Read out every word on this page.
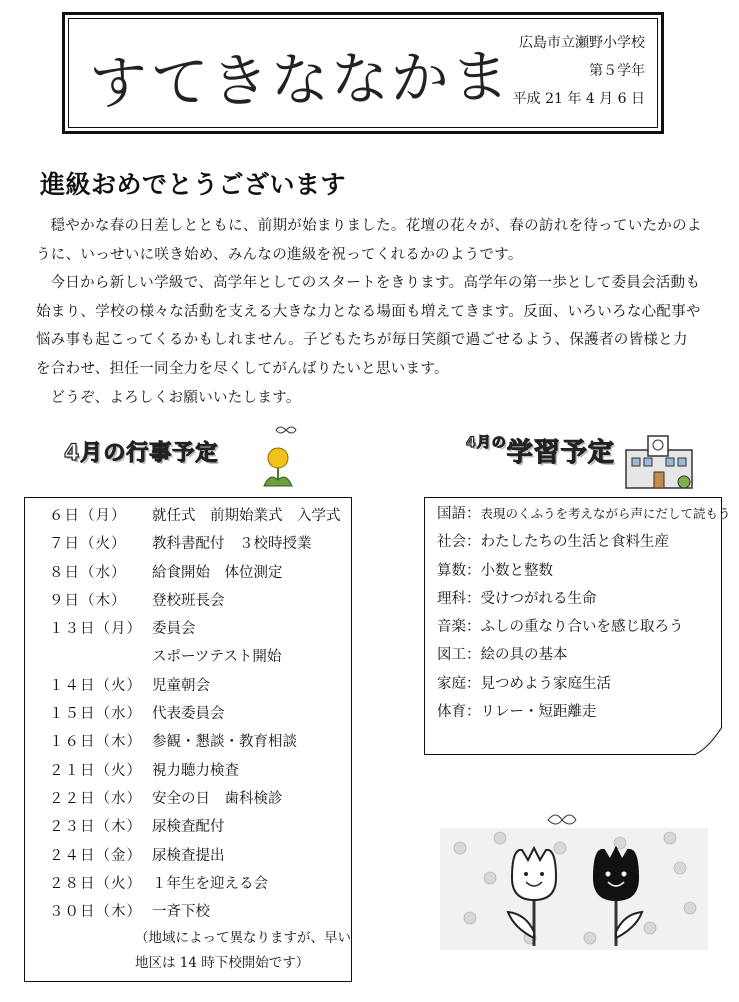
すてきななかま 広島市立瀬野小学校
第５学年
平成 21 年 4 月 6 日
進級おめでとうございます

穏やかな春の日差しとともに、前期が始まりました。花壇の花々が、春の訪れを待っていたかのように、いっせいに咲き始め、みんなの進級を祝ってくれるかのようです。

今日から新しい学級で、高学年としてのスタートをきります。高学年の第一歩として委員会活動も始まり、学校の様々な活動を支える大きな力となる場面も増えてきます。反面、いろいろな心配事や悩み事も起こってくるかもしれません。子どもたちが毎日笑顔で過ごせるよう、保護者の皆様と力を合わせ、担任一同全力を尽くしてがんばりたいと思います。

どうぞ、よろしくお願いいたします。

4月の行事予定
６日（月） 就任式　前期始業式　入学式
７日（火） 教科書配付　３校時授業
８日（水） 給食開始　体位測定
９日（木） 登校班長会
１３日（月） 委員会
スポーツテスト開始
１４日（火） 児童朝会
１５日（水） 代表委員会
１６日（木） 参観・懇談・教育相談
２１日（火） 視力聴力検査
２２日（水） 安全の日　歯科検診
２３日（木） 尿検査配付
２４日（金） 尿検査提出
２８日（火） １年生を迎える会
３０日（木） 一斉下校
（地域によって異なりますが、早い地区は 14 時下校開始です）
$^{4月の}$学習予定
国語：表現のくふうを考えながら声にだして読もう
社会：わたしたちの生活と食料生産
算数：小数と整数
理科：受けつがれる生命
音楽：ふしの重なり合いを感じ取ろう
図工：絵の具の基本
家庭：見つめよう家庭生活
体育：リレー・短距離走
